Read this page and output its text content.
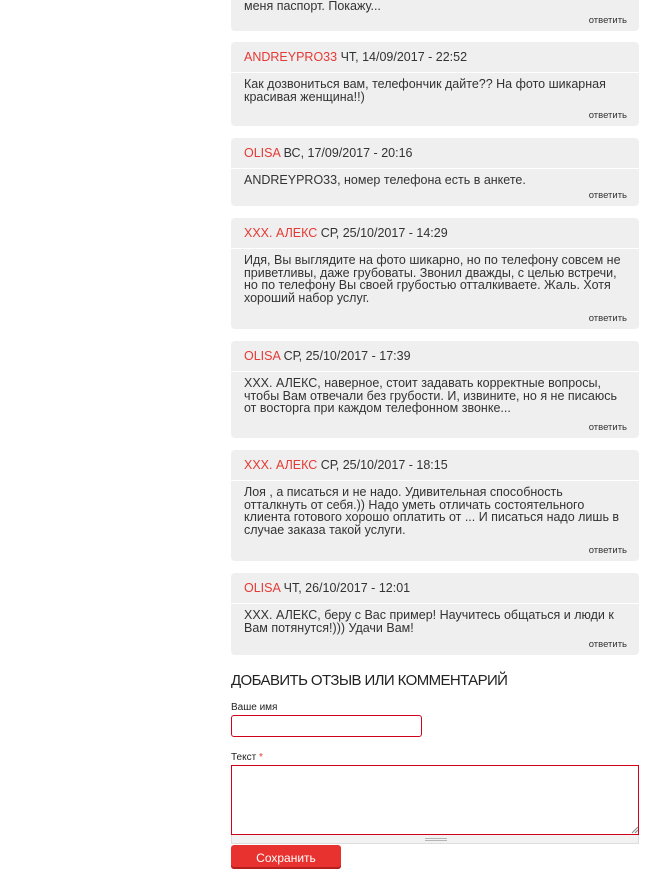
меня паспорт. Покажу...
ответить
ANDREYPRO33 ЧТ, 14/09/2017 - 22:52
Как дозвониться вам, телефончик дайте?? На фото шикарная красивая женщина!!)
ответить
OLISA ВС, 17/09/2017 - 20:16
ANDREYPRO33, номер телефона есть в анкете.
ответить
XXX. АЛЕКС СР, 25/10/2017 - 14:29
Идя, Вы выглядите на фото шикарно, но по телефону совсем не приветливы, даже грубоваты. Звонил дважды, с целью встречи, но по телефону Вы своей грубостью отталкиваете. Жаль. Хотя хороший набор услуг.
ответить
OLISA СР, 25/10/2017 - 17:39
XXX. АЛЕКС, наверное, стоит задавать корректные вопросы, чтобы Вам отвечали без грубости. И, извините, но я не писаюсь от восторга при каждом телефонном звонке...
ответить
XXX. АЛЕКС СР, 25/10/2017 - 18:15
Лоя , а писаться и не надо. Удивительная способность отталкнуть от себя.)) Надо уметь отличать состоятельного клиента готового хорошо оплатить от ... И писаться надо лишь в случае заказа такой услуги.
ответить
OLISA ЧТ, 26/10/2017 - 12:01
XXX. АЛЕКС, беру с Вас пример! Научитесь общаться и люди к Вам потянутся!))) Удачи Вам!
ответить
ДОБАВИТЬ ОТЗЫВ ИЛИ КОММЕНТАРИЙ
Ваше имя
Текст *
Сохранить
